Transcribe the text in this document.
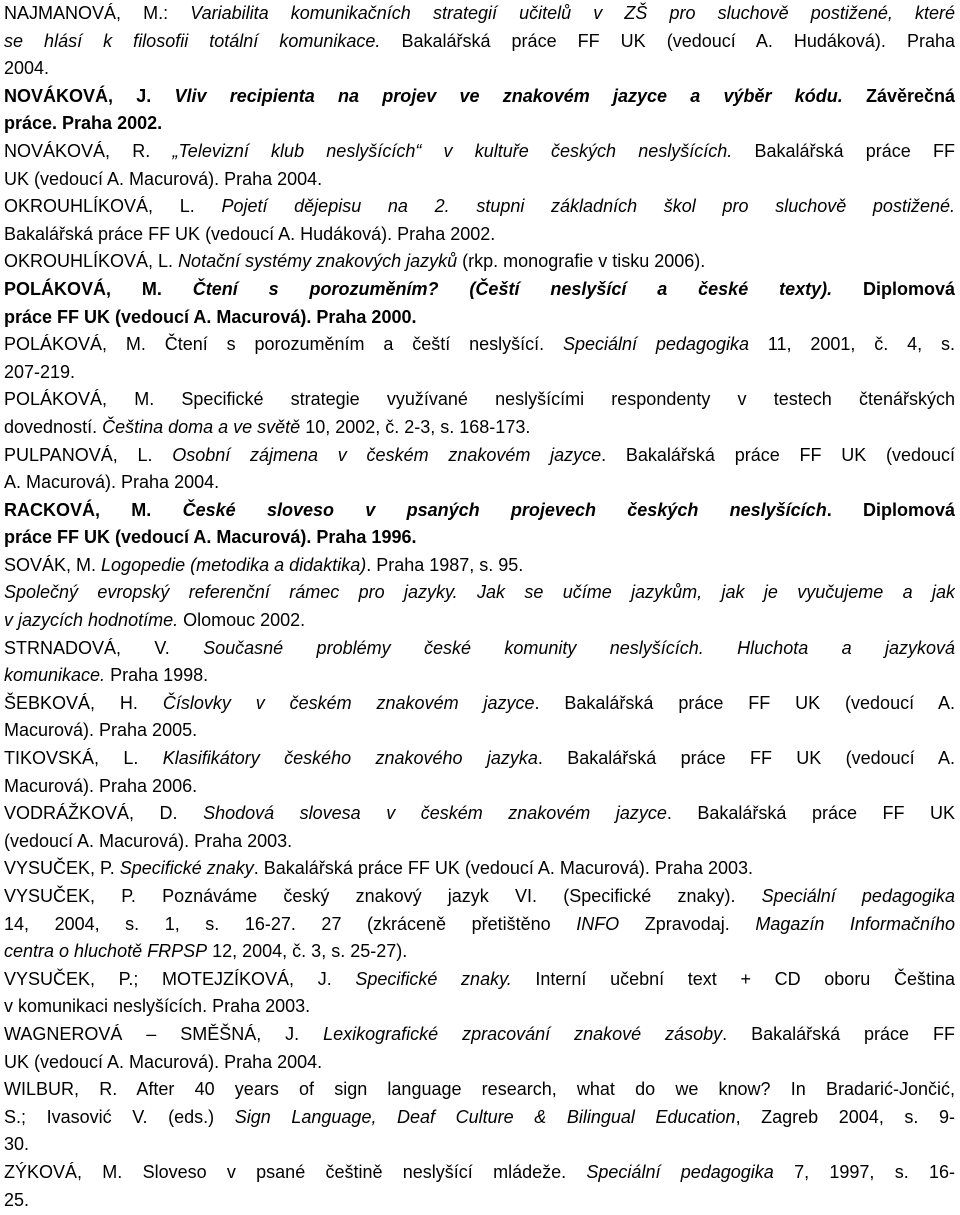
NAJMANOVÁ, M.: Variabilita komunikačních strategií učitelů v ZŠ pro sluchově postižené, které
se hlásí k filosofii totální komunikace. Bakalářská práce FF UK (vedoucí A. Hudáková). Praha
2004.
NOVÁKOVÁ, J. Vliv recipienta na projev ve znakovém jazyce a výběr kódu. Závěrečná
práce. Praha 2002.
NOVÁKOVÁ, R. „Televizní klub neslyšících“ v kultuře českých neslyšících. Bakalářská práce FF
UK (vedoucí A. Macurová). Praha 2004.
OKROUHLÍKOVÁ, L. Pojetí dějepisu na 2. stupni základních škol pro sluchově postižené.
Bakalářská práce FF UK (vedoucí A. Hudáková). Praha 2002.
OKROUHLÍKOVÁ, L. Notační systémy znakových jazyků (rkp. monografie v tisku 2006).
POLÁKOVÁ, M. Čtení s porozuměním? (Čeští neslyšící a české texty). Diplomová
práce FF UK (vedoucí A. Macurová). Praha 2000.
POLÁKOVÁ, M. Čtení s porozuměním a čeští neslyšící. Speciální pedagogika 11, 2001, č. 4, s.
207-219.
POLÁKOVÁ, M. Specifické strategie využívané neslyšícími respondenty v testech čtenářských
dovedností. Čeština doma a ve světě 10, 2002, č. 2-3, s. 168-173.
PULPANOVÁ, L. Osobní zájmena v českém znakovém jazyce. Bakalářská práce FF UK (vedoucí
A. Macurová). Praha 2004.
RACKOVÁ, M. České sloveso v psaných projevech českých neslyšících. Diplomová
práce FF UK (vedoucí A. Macurová). Praha 1996.
SOVÁK, M. Logopedie (metodika a didaktika). Praha 1987, s. 95.
Společný evropský referenční rámec pro jazyky. Jak se učíme jazykům, jak je vyučujeme a jak
v jazycích hodnotíme. Olomouc 2002.
STRNADOVÁ, V. Současné problémy české komunity neslyšících. Hluchota a jazyková
komunikace. Praha 1998.
ŠEBKOVÁ, H. Číslovky v českém znakovém jazyce. Bakalářská práce FF UK (vedoucí A.
Macurová). Praha 2005.
TIKOVSKÁ, L. Klasifikátory českého znakového jazyka. Bakalářská práce FF UK (vedoucí A.
Macurová). Praha 2006.
VODRÁŽKOVÁ, D. Shodová slovesa v českém znakovém jazyce. Bakalářská práce FF UK
(vedoucí A. Macurová). Praha 2003.
VYSUČEK, P. Specifické znaky. Bakalářská práce FF UK (vedoucí A. Macurová). Praha 2003.
VYSUČEK, P. Poznáváme český znakový jazyk VI. (Specifické znaky). Speciální pedagogika
14, 2004, s. 1, s. 16-27. 27 (zkráceně přetištěno INFO Zpravodaj. Magazín Informačního
centra o hluchotě FRPSP 12, 2004, č. 3, s. 25-27).
VYSUČEK, P.; MOTEJZÍKOVÁ, J. Specifické znaky. Interní učební text + CD oboru Čeština
v komunikaci neslyšících. Praha 2003.
WAGNEROVÁ – SMĚŠNÁ, J. Lexikografické zpracování znakové zásoby. Bakalářská práce FF
UK (vedoucí A. Macurová). Praha 2004.
WILBUR, R. After 40 years of sign language research, what do we know? In Bradarić-Jončić,
S.; Ivasović V. (eds.) Sign Language, Deaf Culture & Bilingual Education, Zagreb 2004, s. 9-
30.
ZÝKOVÁ, M. Sloveso v psané češtině neslyšící mládeže. Speciální pedagogika 7, 1997, s. 16-
25.
